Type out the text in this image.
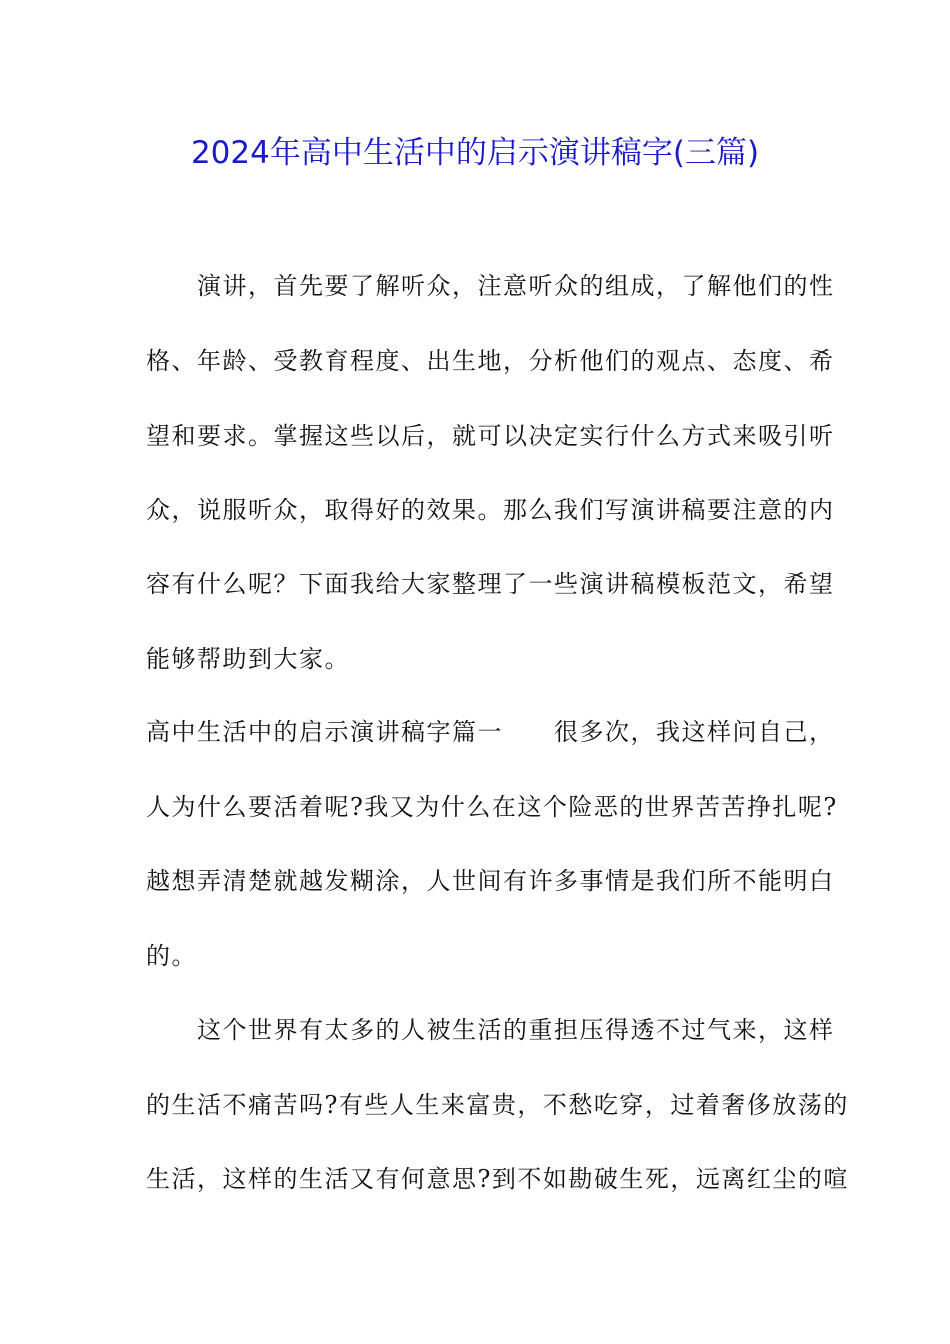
2024年高中生活中的启示演讲稿字(三篇)
　　演讲，首先要了解听众，注意听众的组成，了解他们的性
格、年龄、受教育程度、出生地，分析他们的观点、态度、希
望和要求。掌握这些以后，就可以决定实行什么方式来吸引听
众，说服听众，取得好的效果。那么我们写演讲稿要注意的内
容有什么呢？下面我给大家整理了一些演讲稿模板范文，希望
能够帮助到大家。
高中生活中的启示演讲稿字篇一　　很多次，我这样问自己，
人为什么要活着呢?我又为什么在这个险恶的世界苦苦挣扎呢?
越想弄清楚就越发糊涂，人世间有许多事情是我们所不能明白
的。
　　这个世界有太多的人被生活的重担压得透不过气来，这样
的生活不痛苦吗?有些人生来富贵，不愁吃穿，过着奢侈放荡的
生活，这样的生活又有何意思?到不如勘破生死，远离红尘的喧
